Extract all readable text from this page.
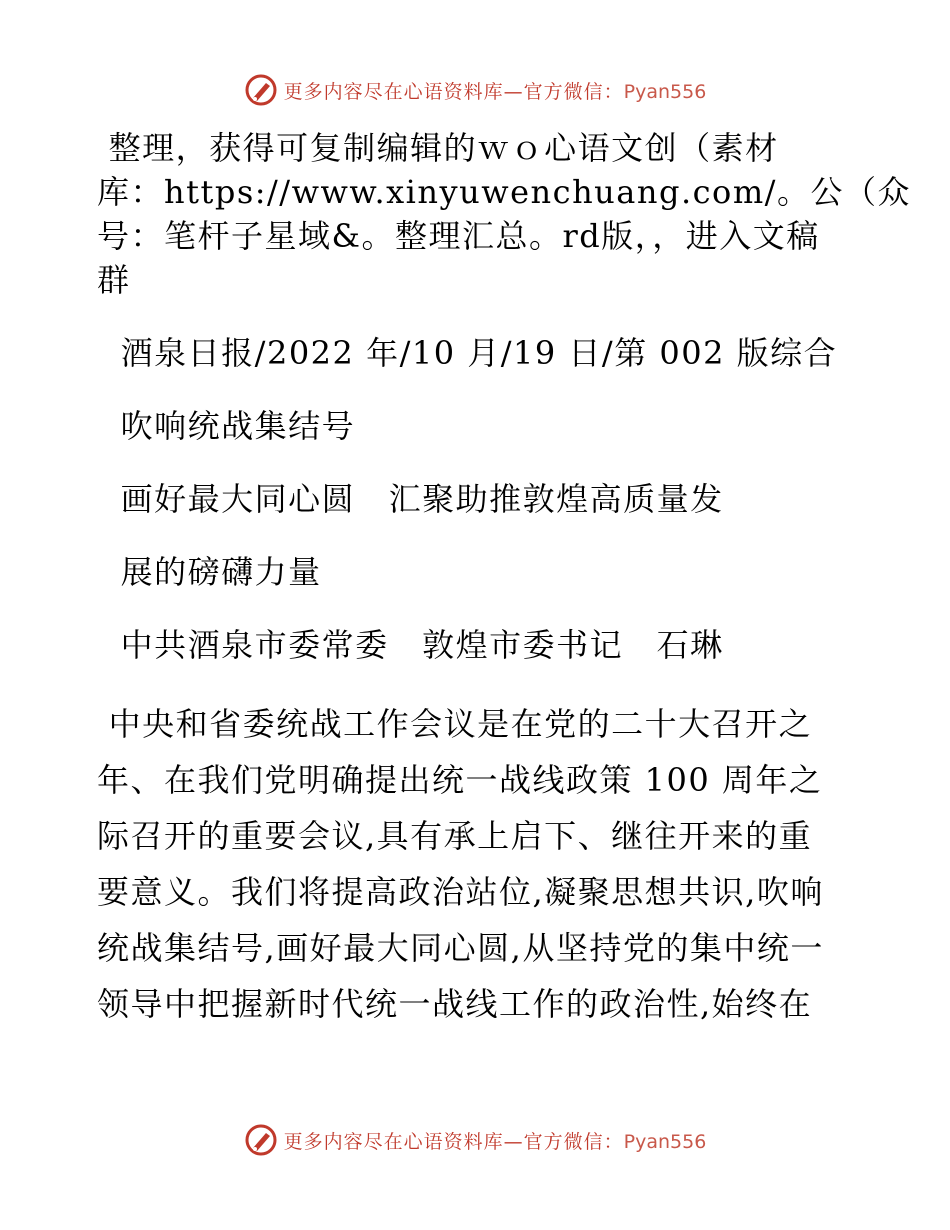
更多内容尽在心语资料库—官方微信：Pyan556
整理，获得可复制编辑的ｗｏ心语文创（素材
库：https://www.xinyuwenchuang.com/。公（众
号：笔杆子星域&。整理汇总。rd版，，进入文稿
群
酒泉日报/2022 年/10 月/19 日/第 002 版综合
吹响统战集结号
画好最大同心圆　汇聚助推敦煌高质量发
展的磅礴力量
中共酒泉市委常委　敦煌市委书记　石琳
中央和省委统战工作会议是在党的二十大召开之
年、在我们党明确提出统一战线政策 100 周年之
际召开的重要会议,具有承上启下、继往开来的重
要意义。我们将提高政治站位,凝聚思想共识,吹响
统战集结号,画好最大同心圆,从坚持党的集中统一
领导中把握新时代统一战线工作的政治性,始终在
更多内容尽在心语资料库—官方微信：Pyan556
